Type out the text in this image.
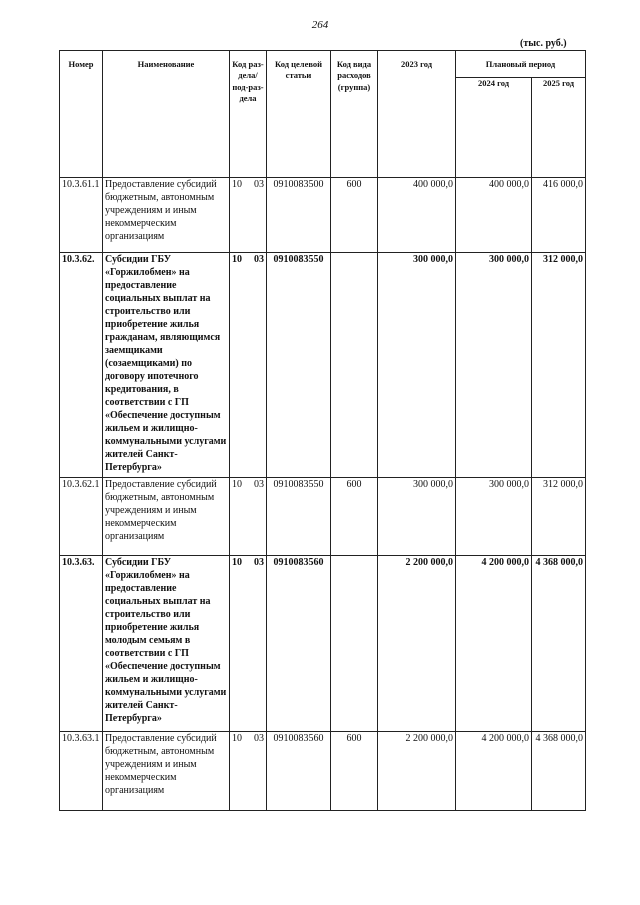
264
(тыс. руб.)
Номер	Наименование	Код раз-дела/ под-раз-дела	Код целевой статьи	Код вида расходов (группа)	2023 год	Плановый период	
						2024 год	2025 год
10.3.61.1	Предоставление субсидий бюджетным, автономным учреждениям и иным некоммерческим организациям	10 03	0910083500	600	400 000,0	400 000,0	416 000,0
10.3.62.	Субсидии ГБУ «Горжилобмен» на предоставление социальных выплат на строительство или приобретение жилья гражданам, являющимся заемщиками (созаемщиками) по договору ипотечного кредитования, в соответствии с ГП «Обеспечение доступным жильем и жилищно-коммунальными услугами жителей Санкт-Петербурга»	10 03	0910083550		300 000,0	300 000,0	312 000,0
10.3.62.1	Предоставление субсидий бюджетным, автономным учреждениям и иным некоммерческим организациям	10 03	0910083550	600	300 000,0	300 000,0	312 000,0
10.3.63.	Субсидии ГБУ «Горжилобмен» на предоставление социальных выплат на строительство или приобретение жилья молодым семьям в соответствии с ГП «Обеспечение доступным жильем и жилищно-коммунальными услугами жителей Санкт-Петербурга»	10 03	0910083560		2 200 000,0	4 200 000,0	4 368 000,0
10.3.63.1	Предоставление субсидий бюджетным, автономным учреждениям и иным некоммерческим организациям	10 03	0910083560	600	2 200 000,0	4 200 000,0	4 368 000,0
